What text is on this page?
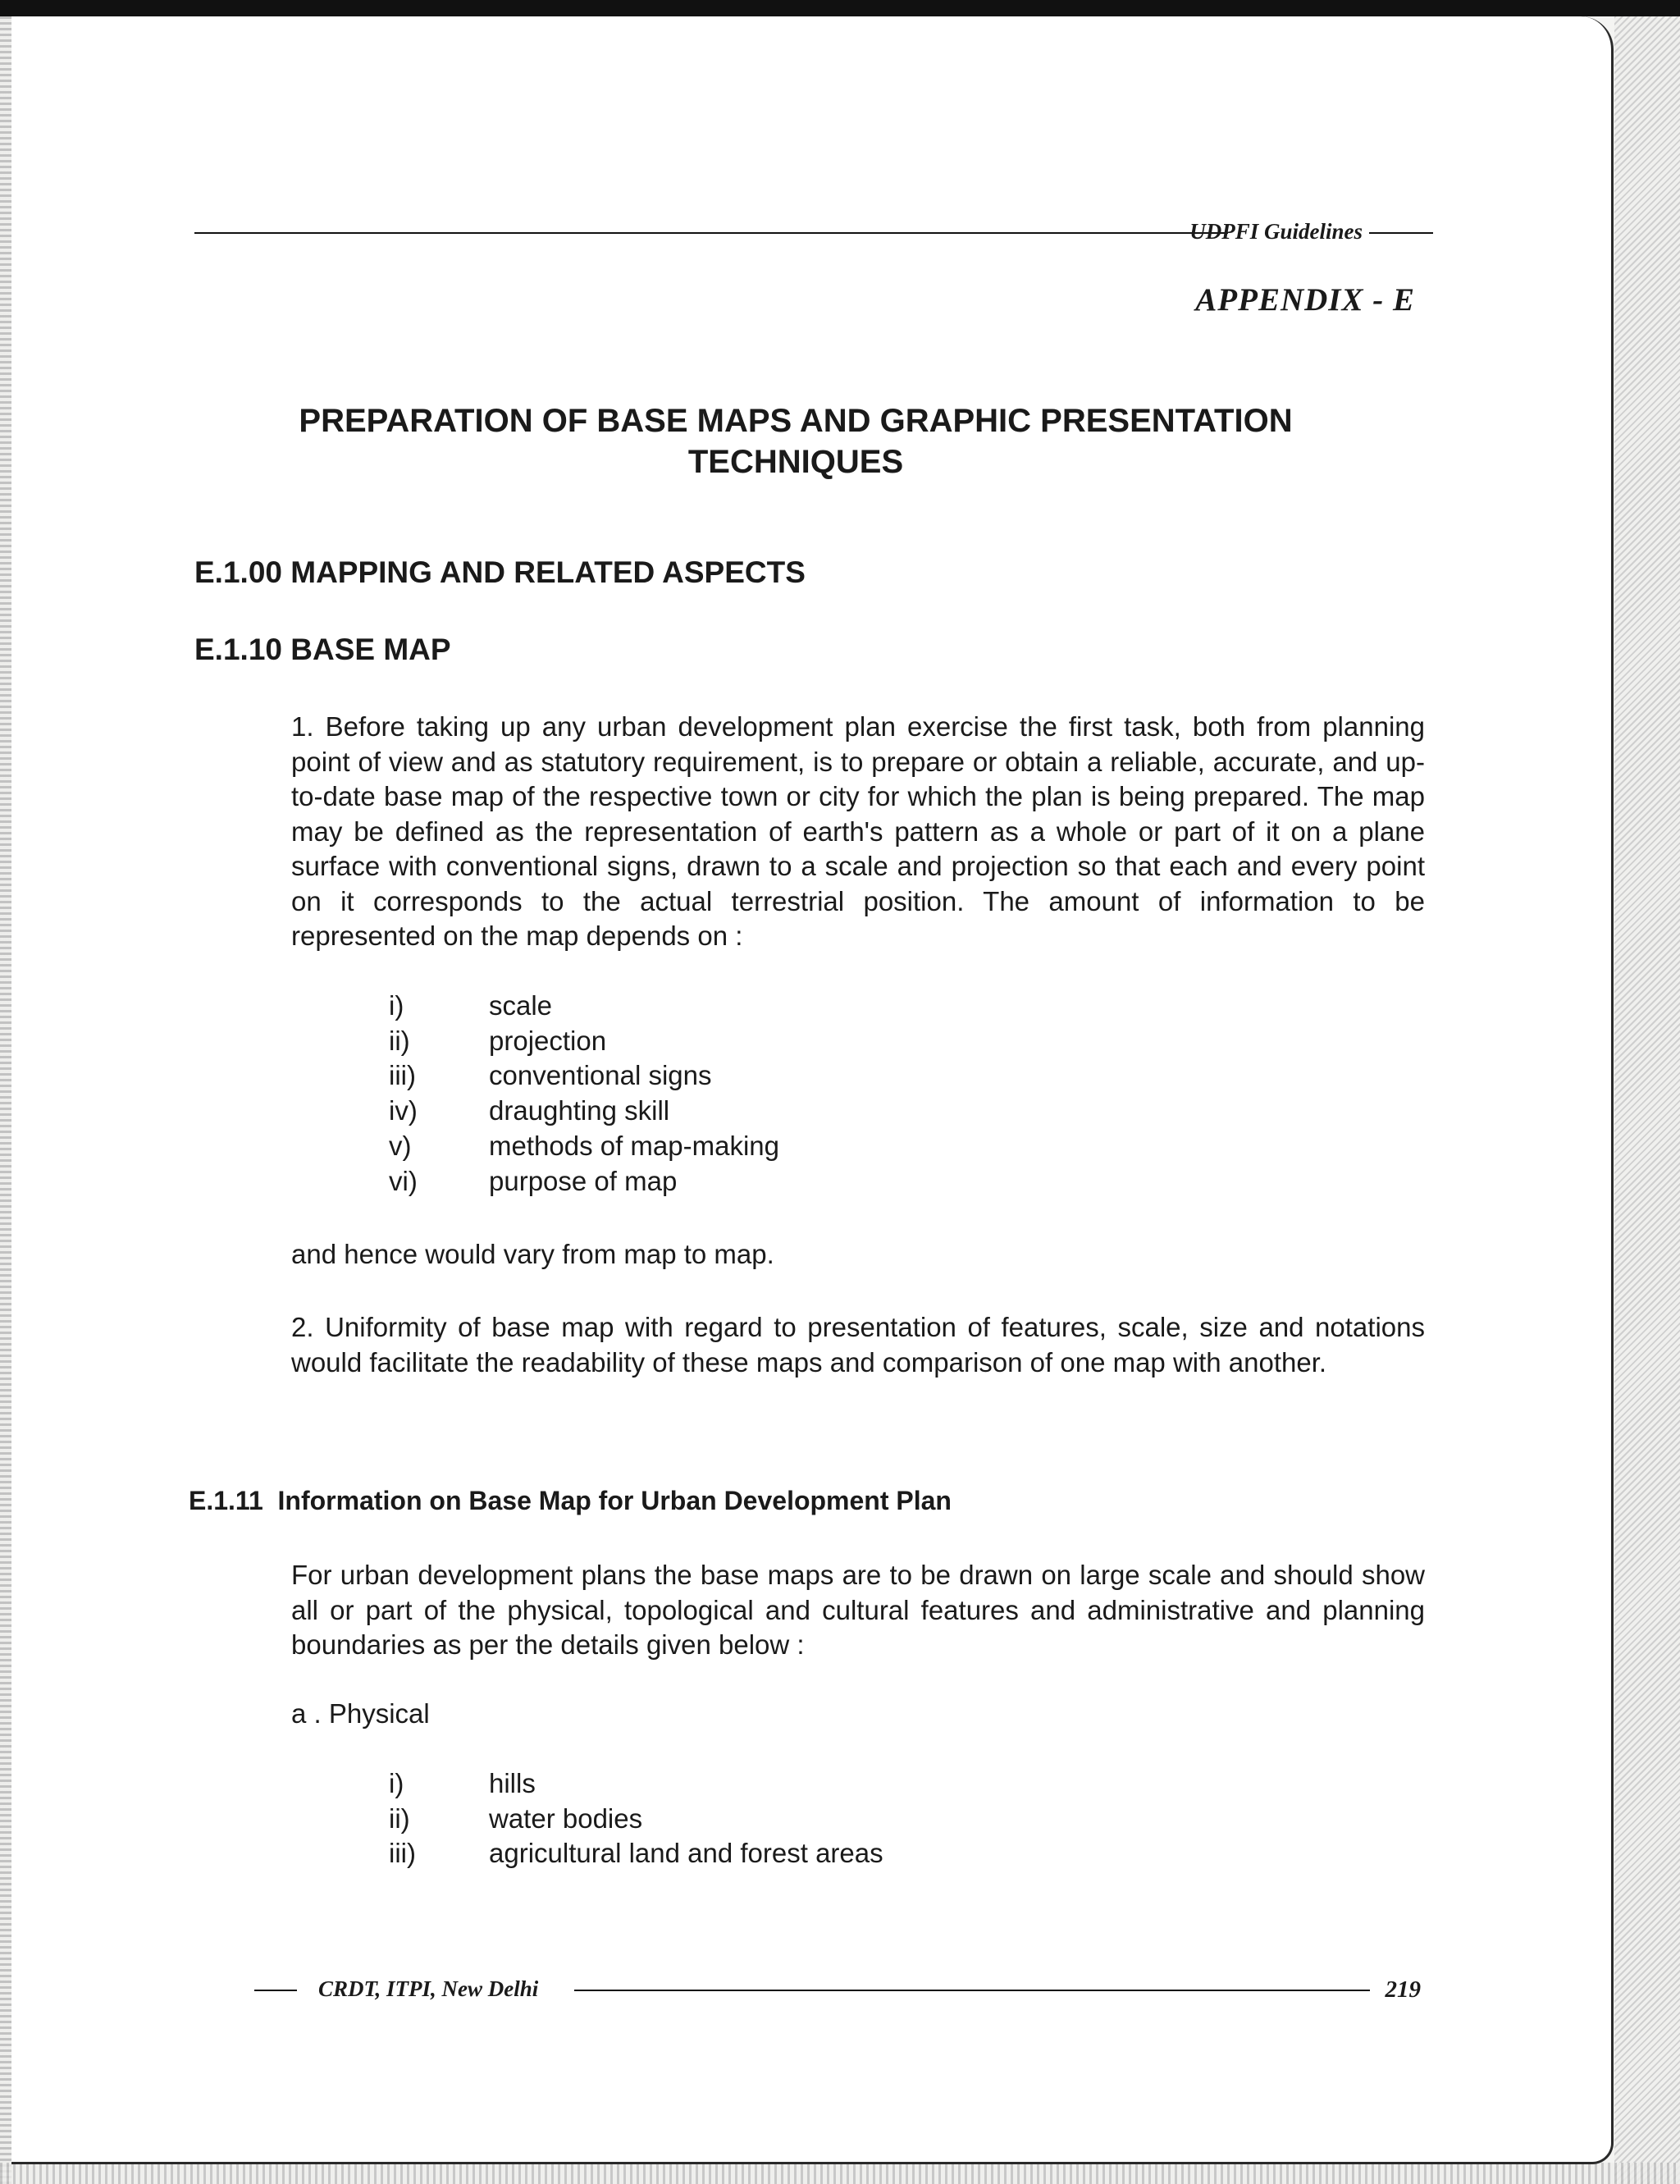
UDPFI Guidelines
APPENDIX - E
PREPARATION OF BASE MAPS AND GRAPHIC PRESENTATION
TECHNIQUES
E.1.00 MAPPING AND RELATED ASPECTS
E.1.10 BASE MAP
1. Before taking up any urban development plan exercise the first task, both from planning point of view and as statutory requirement, is to prepare or obtain a reliable, accurate, and up-to-date base map of the respective town or city for which the plan is being prepared. The map may be defined as the representation of earth's pattern as a whole or part of it on a plane surface with conventional signs, drawn to a scale and projection so that each and every point on it corresponds to the actual terrestrial position. The amount of information to be represented on the map depends on :
i)	scale
ii)	projection
iii)	conventional signs
iv)	draughting skill
v)	methods of map-making
vi)	purpose of map
and hence would vary from map to map.
2. Uniformity of base map with regard to presentation of features, scale, size and notations would facilitate the readability of these maps and comparison of one map with another.
E.1.11 Information on Base Map for Urban Development Plan
For urban development plans the base maps are to be drawn on large scale and should show all or part of the physical, topological and cultural features and administrative and planning boundaries as per the details given below :
a . Physical
i)	hills
ii)	water bodies
iii)	agricultural land and forest areas
CRDT, ITPI, New Delhi	219
